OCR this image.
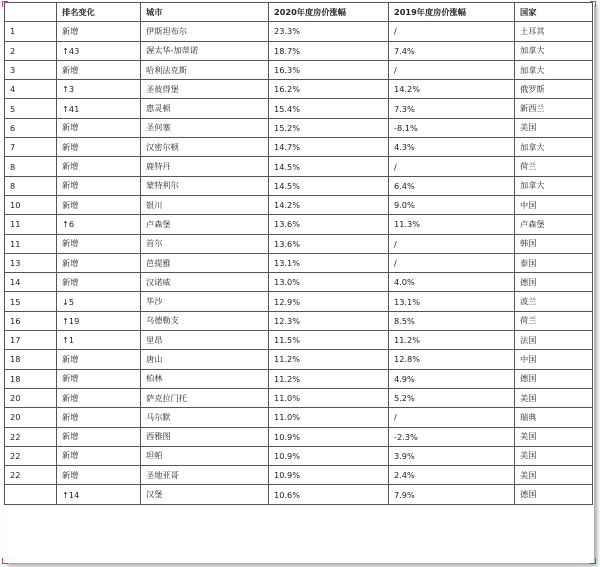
	排名变化	城市	2020年度房价涨幅	2019年度房价涨幅	国家
1	新增	伊斯坦布尔	23.3%	/	土耳其
2	↑43	渥太华-加蒂诺	18.7%	7.4%	加拿大
3	新增	哈利法克斯	16.3%	/	加拿大
4	↑3	圣彼得堡	16.2%	14.2%	俄罗斯
5	↑41	惠灵顿	15.4%	7.3%	新西兰
6	新增	圣何塞	15.2%	-8.1%	美国
7	新增	汉密尔顿	14.7%	4.3%	加拿大
8	新增	鹿特丹	14.5%	/	荷兰
8	新增	蒙特利尔	14.5%	6.4%	加拿大
10	新增	银川	14.2%	9.0%	中国
11	↑6	卢森堡	13.6%	11.3%	卢森堡
11	新增	首尔	13.6%	/	韩国
13	新增	芭提雅	13.1%	/	泰国
14	新增	汉诺威	13.0%	4.0%	德国
15	↓5	华沙	12.9%	13.1%	波兰
16	↑19	乌德勒支	12.3%	8.5%	荷兰
17	↑1	里昂	11.5%	11.2%	法国
18	新增	唐山	11.2%	12.8%	中国
18	新增	柏林	11.2%	4.9%	德国
20	新增	萨克拉门托	11.0%	5.2%	美国
20	新增	马尔默	11.0%	/	瑞典
22	新增	西雅图	10.9%	-2.3%	美国
22	新增	坦帕	10.9%	3.9%	美国
22	新增	圣地亚哥	10.9%	2.4%	美国
	↑14	汉堡	10.6%	7.9%	德国
